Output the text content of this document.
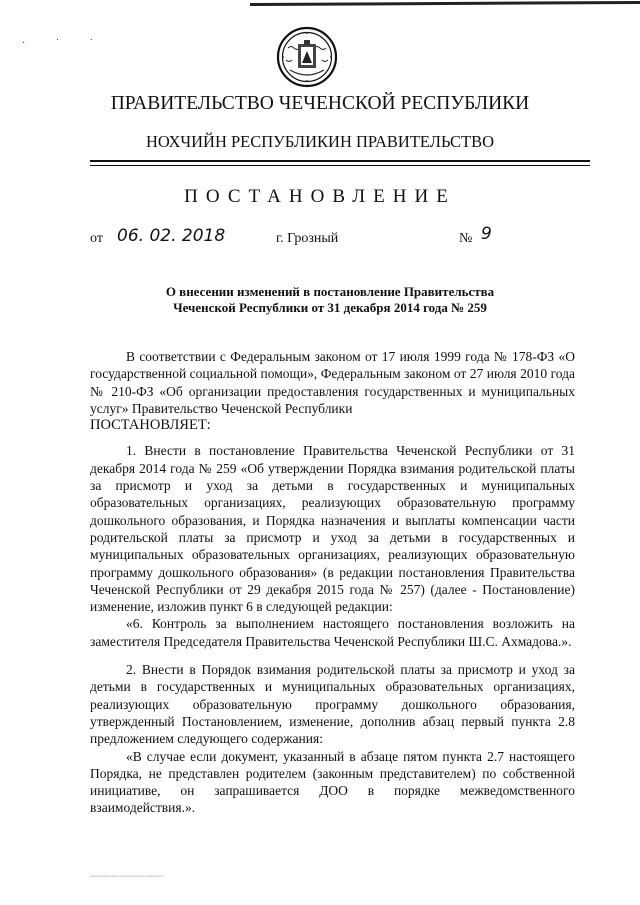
· ˙ ˙
ПРАВИТЕЛЬСТВО ЧЕЧЕНСКОЙ РЕСПУБЛИКИ
НОХЧИЙН РЕСПУБЛИКИН ПРАВИТЕЛЬСТВО
ПОСТАНОВЛЕНИЕ
от 06. 02. 2018	г. Грозный	№ 9
О внесении изменений в постановление Правительства
Чеченской Республики от 31 декабря 2014 года № 259

В соответствии с Федеральным законом от 17 июля 1999 года № 178-ФЗ «О государственной социальной помощи», Федеральным законом от 27 июля 2010 года № 210-ФЗ «Об организации предоставления государственных и муниципальных услуг» Правительство Чеченской Республики

ПОСТАНОВЛЯЕТ:

1. Внести в постановление Правительства Чеченской Республики от 31 декабря 2014 года № 259 «Об утверждении Порядка взимания родительской платы за присмотр и уход за детьми в государственных и муниципальных образовательных организациях, реализующих образовательную программу дошкольного образования, и Порядка назначения и выплаты компенсации части родительской платы за присмотр и уход за детьми в государственных и муниципальных образовательных организациях, реализующих образовательную программу дошкольного образования» (в редакции постановления Правительства Чеченской Республики от 29 декабря 2015 года № 257) (далее - Постановление) изменение, изложив пункт 6 в следующей редакции:

«6. Контроль за выполнением настоящего постановления возложить на заместителя Председателя Правительства Чеченской Республики Ш.С. Ахмадова.».

2. Внести в Порядок взимания родительской платы за присмотр и уход за детьми в государственных и муниципальных образовательных организациях, реализующих образовательную программу дошкольного образования, утвержденный Постановлением, изменение, дополнив абзац первый пункта 2.8 предложением следующего содержания:

«В случае если документ, указанный в абзаце пятом пункта 2.7 настоящего Порядка, не представлен родителем (законным представителем) по собственной инициативе, он запрашивается ДОО в порядке межведомственного взаимодействия.».

▪▪▪▪▪▪▪▪▪▪▪▪▪▪▪▪▪▪▪▪▪▪▪▪▪▪▪▪▪▪▪▪▪▪▪▪▪▪▪▪▪▪▪▪▪▪▪
